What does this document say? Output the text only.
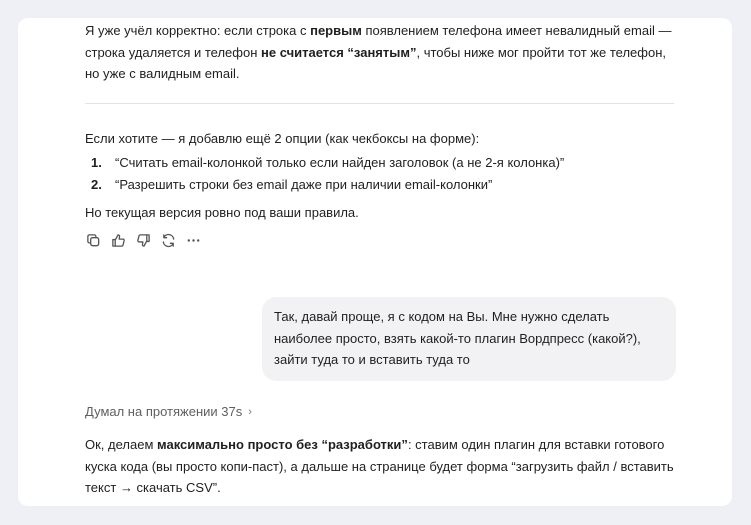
Я уже учёл корректно: если строка с первым появлением телефона имеет невалидный email — строка удаляется и телефон не считается “занятым”, чтобы ниже мог пройти тот же телефон, но уже с валидным email.

Если хотите — я добавлю ещё 2 опции (как чекбоксы на форме):

1.	“Считать email-колонкой только если найден заголовок (а не 2-я колонка)”
2.	“Разрешить строки без email даже при наличии email-колонки”

Но текущая версия ровно под ваши правила.

Так, давай проще, я с кодом на Вы. Мне нужно сделать наиболее просто, взять какой-то плагин Вордпресс (какой?), зайти туда то и вставить туда то
Думал на протяжении 37s ›

Ок, делаем максимально просто без “разработки”: ставим один плагин для вставки готового куска кода (вы просто копи-паст), а дальше на странице будет форма “загрузить файл / вставить текст → скачать CSV”.
